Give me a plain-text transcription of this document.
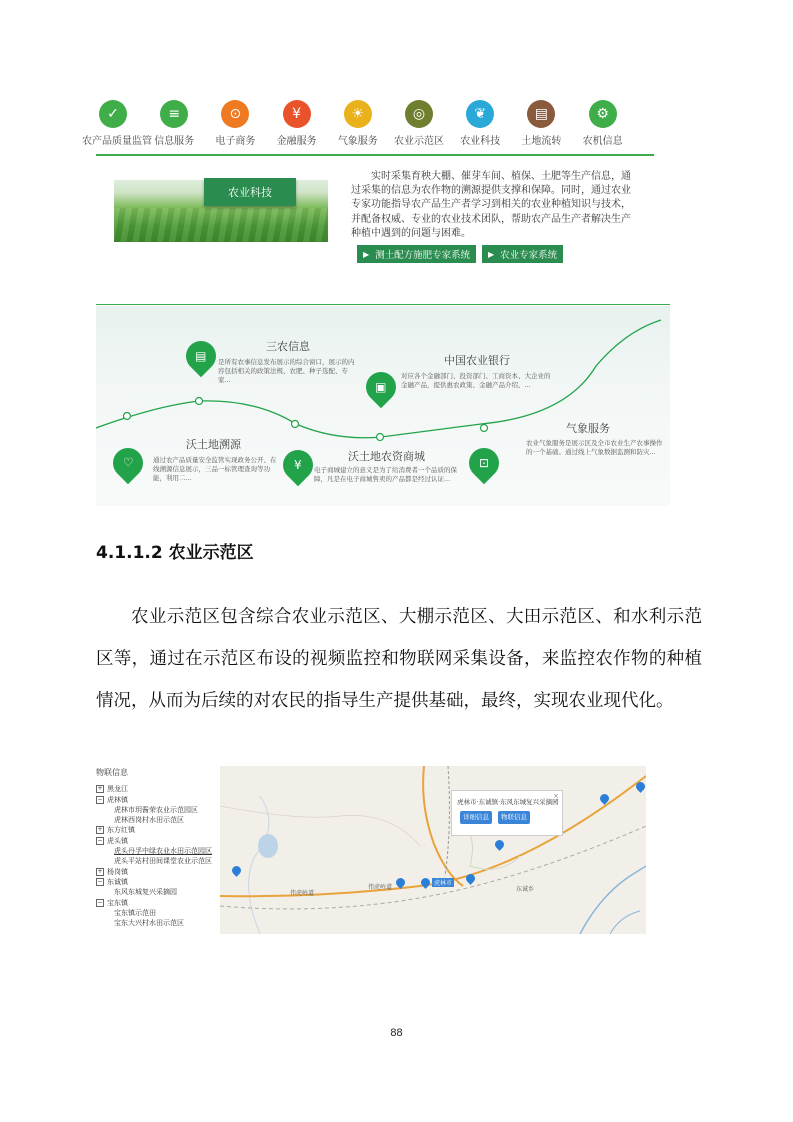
✓
农产品质量监管
≡
信息服务
⊙
电子商务
¥
金融服务
☀
气象服务
◎
农业示范区
❦
农业科技
▤
土地流转
⚙
农机信息
农业科技
实时采集育秧大棚、催芽车间、植保、土肥等生产信息，通过采集的信息为农作物的溯源提供支撑和保障。同时，通过农业专家功能指导农产品生产者学习到相关的农业种植知识与技术，并配备权威、专业的农业技术团队，帮助农产品生产者解决生产种植中遇到的问题与困难。
▶ 测土配方施肥专家系统 ▶ 农业专家系统
▤
三农信息
是所有农事信息发布展示的综合窗口，展示的内容包括相关的政策法规、农肥、种子选配、专家...	▣
中国农业银行
对应各个金融部门、投资部门、工商资本、大企业的金融产品，提供惠农政策、金融产品介绍、...
⊡
气象服务
农业气象服务是展示区及全市农业生产农事操作的一个基础。通过线上气象数据监测和防灾...
♡
沃土地溯源
通过农产品质量安全监管实现政务公开、在线溯源信息展示，三品一标管理查询等功能，利用二...
¥
沃土地农资商城
电子商城建立的意义是为了给消费者一个品质的保障，凡是在电子商城售卖的产品都是经过认证...
4.1.1.2 农业示范区
农业示范区包含综合农业示范区、大棚示范区、大田示范区、和水利示范区等，通过在示范区布设的视频监控和物联网采集设备，来监控农作物的种植情况，从而为后续的对农民的指导生产提供基础，最终，实现农业现代化。
物联信息
+ 黑龙江
− 虎林镇
虎林市玥酱荣农业示范园区
虎林西岗村水田示范区
+ 东方红镇
− 虎头镇
虎头丹孚中绿农业水田示范园区
虎头平站村田间课堂农业示范区
+ 杨岗镇
− 东诚镇
东风东城复兴采摘园
− 宝东镇
宝东镇示范田
宝东大兴村水田示范区
伟虎岭道
伟虎岭道
虎林市
东诚乡
虎林市·东诚镇·东风东城复兴采摘园
×
详细信息	物联信息
88
